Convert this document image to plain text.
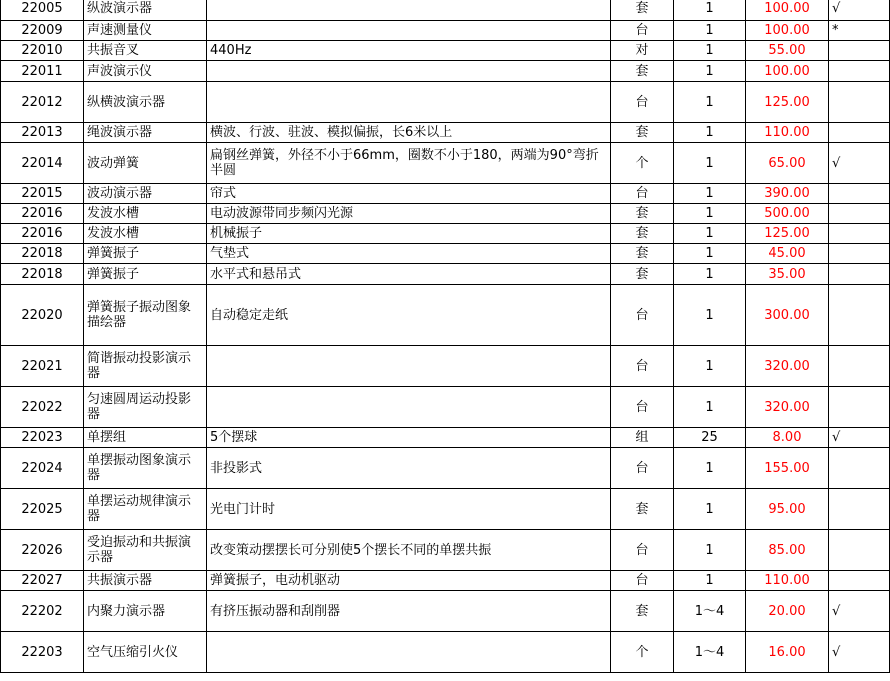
22005	纵波演示器		套	1	100.00	√
22009	声速测量仪		台	1	100.00	*
22010	共振音叉	440Hz	对	1	55.00	
22011	声波演示仪		套	1	100.00	
22012	纵横波演示器		台	1	125.00	
22013	绳波演示器	横波、行波、驻波、模拟偏振，长6米以上	套	1	110.00	
22014	波动弹簧	扁钢丝弹簧，外径不小于66mm，圈数不小于180，两端为90°弯折半圆	个	1	65.00	√
22015	波动演示器	帘式	台	1	390.00	
22016	发波水槽	电动波源带同步频闪光源	套	1	500.00	
22016	发波水槽	机械振子	套	1	125.00	
22018	弹簧振子	气垫式	套	1	45.00	
22018	弹簧振子	水平式和悬吊式	套	1	35.00	
22020	弹簧振子振动图象描绘器	自动稳定走纸	台	1	300.00	
22021	简谐振动投影演示器		台	1	320.00	
22022	匀速圆周运动投影器		台	1	320.00	
22023	单摆组	5个摆球	组	25	8.00	√
22024	单摆振动图象演示器	非投影式	台	1	155.00	
22025	单摆运动规律演示器	光电门计时	套	1	95.00	
22026	受迫振动和共振演示器	改变策动摆摆长可分别使5个摆长不同的单摆共振	台	1	85.00	
22027	共振演示器	弹簧振子，电动机驱动	台	1	110.00	
22202	内聚力演示器	有挤压振动器和刮削器	套	1～4	20.00	√
22203	空气压缩引火仪		个	1～4	16.00	√
